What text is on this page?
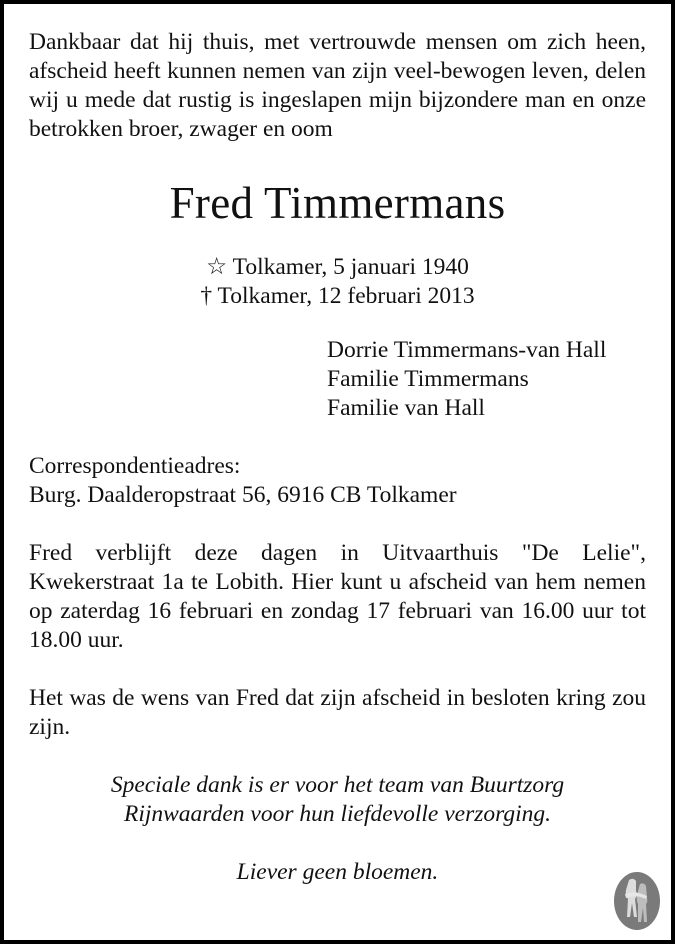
Dankbaar dat hij thuis, met vertrouwde mensen om zich heen, afscheid heeft kunnen nemen van zijn veel-bewogen leven, delen wij u mede dat rustig is ingeslapen mijn bijzondere man en onze betrokken broer, zwager en oom

Fred Timmermans
☆ Tolkamer, 5 januari 1940
† Tolkamer, 12 februari 2013
Dorrie Timmermans-van Hall
Familie Timmermans
Familie van Hall
Correspondentieadres:
Burg. Daalderopstraat 56, 6916 CB Tolkamer

Fred verblijft deze dagen in Uitvaarthuis "De Lelie", Kwekerstraat 1a te Lobith. Hier kunt u afscheid van hem nemen op zaterdag 16 februari en zondag 17 februari van 16.00 uur tot 18.00 uur.

Het was de wens van Fred dat zijn afscheid in besloten kring zou zijn.

Speciale dank is er voor het team van Buurtzorg
Rijnwaarden voor hun liefdevolle verzorging.
Liever geen bloemen.
